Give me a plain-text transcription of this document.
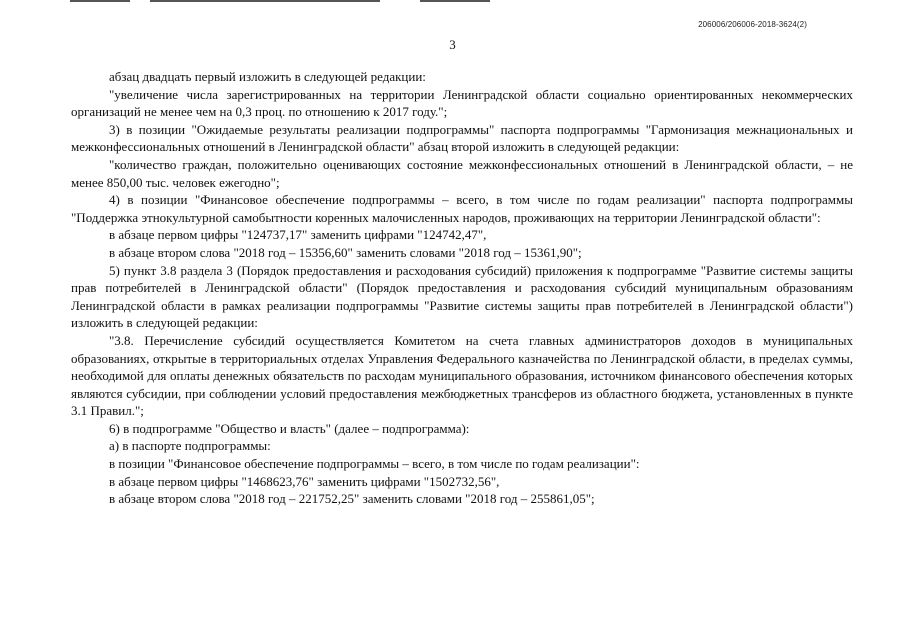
206006/206006-2018-3624(2)
3

абзац двадцать первый изложить в следующей редакции:

"увеличение числа зарегистрированных на территории Ленинградской области социально ориентированных некоммерческих организаций не менее чем на 0,3 проц. по отношению к 2017 году.";

3) в позиции "Ожидаемые результаты реализации подпрограммы" паспорта подпрограммы "Гармонизация межнациональных и межконфессиональных отношений в Ленинградской области" абзац второй изложить в следующей редакции:

"количество граждан, положительно оценивающих состояние межконфессиональных отношений в Ленинградской области, – не менее 850,00 тыс. человек ежегодно";

4) в позиции "Финансовое обеспечение подпрограммы – всего, в том числе по годам реализации" паспорта подпрограммы "Поддержка этнокультурной самобытности коренных малочисленных народов, проживающих на территории Ленинградской области":

в абзаце первом цифры "124737,17" заменить цифрами "124742,47",

в абзаце втором слова "2018 год – 15356,60" заменить словами "2018 год – 15361,90";

5) пункт 3.8 раздела 3 (Порядок предоставления и расходования субсидий) приложения к подпрограмме "Развитие системы защиты прав потребителей в Ленинградской области" (Порядок предоставления и расходования субсидий муниципальным образованиям Ленинградской области в рамках реализации подпрограммы "Развитие системы защиты прав потребителей в Ленинградской области") изложить в следующей редакции:

"3.8. Перечисление субсидий осуществляется Комитетом на счета главных администраторов доходов в муниципальных образованиях, открытые в территориальных отделах Управления Федерального казначейства по Ленинградской области, в пределах суммы, необходимой для оплаты денежных обязательств по расходам муниципального образования, источником финансового обеспечения которых являются субсидии, при соблюдении условий предоставления межбюджетных трансферов из областного бюджета, установленных в пункте 3.1 Правил.";

6) в подпрограмме "Общество и власть" (далее – подпрограмма):

а) в паспорте подпрограммы:

в позиции "Финансовое обеспечение подпрограммы – всего, в том числе по годам реализации":

в абзаце первом цифры "1468623,76" заменить цифрами "1502732,56",

в абзаце втором слова "2018 год – 221752,25" заменить словами "2018 год – 255861,05";
